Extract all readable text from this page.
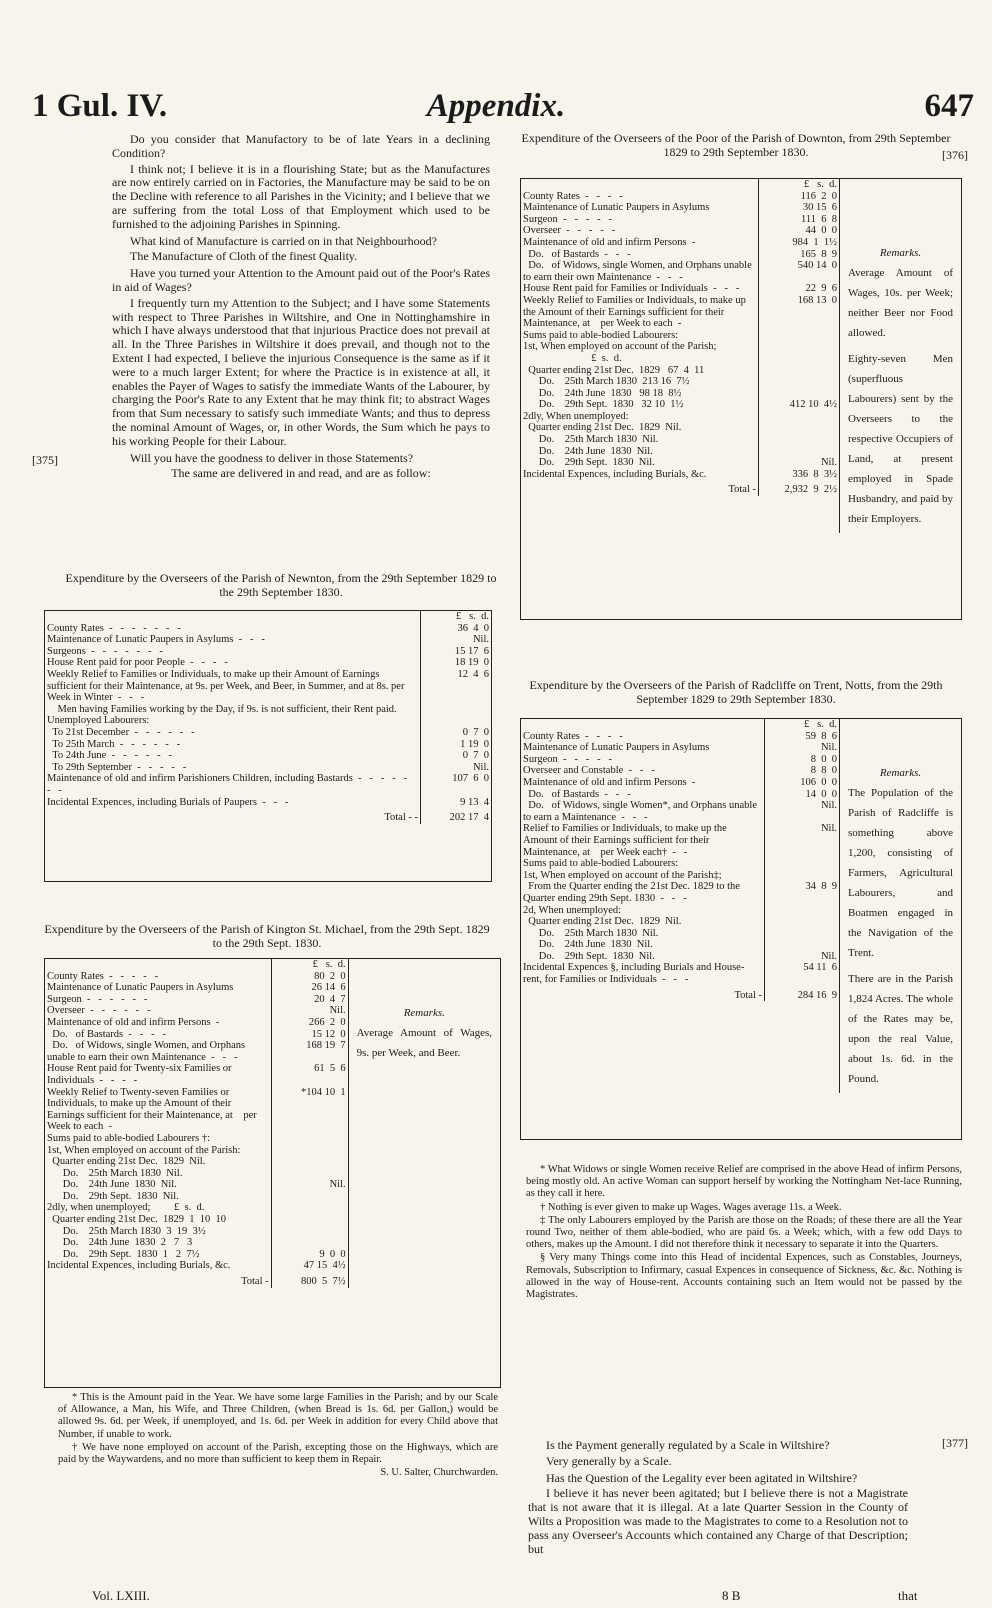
1 Gul. IV.	Appendix.	647

Do you consider that Manufactory to be of late Years in a declining Condition?

I think not; I believe it is in a flourishing State; but as the Manufactures are now entirely carried on in Factories, the Manufacture may be said to be on the Decline with reference to all Parishes in the Vicinity; and I believe that we are suffering from the total Loss of that Employment which used to be furnished to the adjoining Parishes in Spinning.

What kind of Manufacture is carried on in that Neighbourhood?

The Manufacture of Cloth of the finest Quality.

Have you turned your Attention to the Amount paid out of the Poor's Rates in aid of Wages?

I frequently turn my Attention to the Subject; and I have some Statements with respect to Three Parishes in Wiltshire, and One in Nottinghamshire in which I have always understood that that injurious Practice does not prevail at all. In the Three Parishes in Wiltshire it does prevail, and though not to the Extent I had expected, I believe the injurious Consequence is the same as if it were to a much larger Extent; for where the Practice is in existence at all, it enables the Payer of Wages to satisfy the immediate Wants of the Labourer, by charging the Poor's Rate to any Extent that he may think fit; to abstract Wages from that Sum necessary to satisfy such immediate Wants; and thus to depress the nominal Amount of Wages, or, in other Words, the Sum which he pays to his working People for their Labour.

Will you have the goodness to deliver in those Statements?

The same are delivered in and read, and are as follow:

[375]

Expenditure by the Overseers of the Parish of Newnton, from the 29th September 1829 to the 29th September 1830.

	£   s.  d.
County Rates  -   -   -   -   -   -   -	36  4  0
Maintenance of Lunatic Paupers in Asylums  -   -   -	Nil.
Surgeons  -   -   -   -   -   -   -	15 17  6
House Rent paid for poor People  -   -   -   -	18 19  0
Weekly Relief to Families or Individuals, to make up their Amount of Earnings sufficient for their Maintenance, at 9s. per Week, and Beer, in Summer, and at 8s. per Week in Winter  -   -   -	12  4  6
Men having Families working by the Day, if 9s. is not sufficient, their Rent paid.	
Unemployed Labourers:	
To 21st December  -   -   -   -   -   -	0  7  0
To 25th March  -   -   -   -   -   -	1 19  0
To 24th June  -   -   -   -   -   -	0  7  0
To 29th September  -   -   -   -   -	Nil.
Maintenance of old and infirm Parishioners Children, including Bastards  -   -   -   -   -   -   -	107  6  0
Incidental Expences, including Burials of Paupers  -   -   -	9 13  4
Total - -	202 17  4

Expenditure by the Overseers of the Parish of Kington St. Michael, from the 29th Sept. 1829 to the 29th Sept. 1830.

	£   s.  d.
County Rates  -   -   -   -   -	80  2  0
Maintenance of Lunatic Paupers in Asylums	26 14  6
Surgeon  -   -   -   -   -   -	20  4  7
Overseer  -   -   -   -   -   -	Nil.
Maintenance of old and infirm Persons  -	266  2  0
Do.   of Bastards  -   -   -   -	15 12  0
Do.   of Widows, single Women, and Orphans unable to earn their own Maintenance  -   -   -	168 19  7
House Rent paid for Twenty-six Families or Individuals  -   -   -   -	61  5  6
Weekly Relief to Twenty-seven Families or Individuals, to make up the Amount of their Earnings sufficient for their Maintenance, at    per Week to each  -	*104 10  1
Sums paid to able-bodied Labourers †:	
1st, When employed on account of the Parish:	
Quarter ending 21st Dec.  1829  Nil.	
Do.    25th March 1830  Nil.	
Do.    24th June  1830  Nil.	Nil.
Do.    29th Sept.  1830  Nil.	
2dly, when unemployed;         £  s.  d.	
Quarter ending 21st Dec.  1829  1  10  10	
Do.    25th March 1830  3  19  3½	
Do.    24th June  1830  2   7   3	
Do.    29th Sept.  1830  1   2  7½	9  0  0
Incidental Expences, including Burials, &c.	47 15  4½
Total -	800  5  7½

Remarks.
Average Amount of Wages, 9s. per Week, and Beer.

* This is the Amount paid in the Year. We have some large Families in the Parish; and by our Scale of Allowance, a Man, his Wife, and Three Children, (when Bread is 1s. 6d. per Gallon,) would be allowed 9s. 6d. per Week, if unemployed, and 1s. 6d. per Week in addition for every Child above that Number, if unable to work.

† We have none employed on account of the Parish, excepting those on the Highways, which are paid by the Waywardens, and no more than sufficient to keep them in Repair.

S. U. Salter, Churchwarden.
Vol. LXIII.

Expenditure of the Overseers of the Poor of the Parish of Downton, from 29th September 1829 to 29th September 1830.	[376]
	£   s.  d.
County Rates  -   -   -   -	116  2  0
Maintenance of Lunatic Paupers in Asylums	30 15  6
Surgeon  -   -   -   -   -	111  6  8
Overseer  -   -   -   -   -	44  0  0
Maintenance of old and infirm Persons  -	984  1  1½
Do.   of Bastards  -   -   -	165  8  9
Do.   of Widows, single Women, and Orphans unable to earn their own Maintenance  -   -   -	540 14  0
House Rent paid for Families or Individuals  -   -   -	22  9  6
Weekly Relief to Families or Individuals, to make up the Amount of their Earnings sufficient for their Maintenance, at    per Week to each  -	168 13  0
Sums paid to able-bodied Labourers:	
1st, When employed on account of the Parish;	
£  s.  d.	
Quarter ending 21st Dec.  1829   67  4  11	
Do.    25th March 1830  213 16  7½	
Do.    24th June  1830   98 18  8½	
Do.    29th Sept.  1830   32 10  1½	412 10  4½
2dly, When unemployed:	
Quarter ending 21st Dec.  1829  Nil.	
Do.    25th March 1830  Nil.	
Do.    24th June  1830  Nil.	
Do.    29th Sept.  1830  Nil.	Nil.
Incidental Expences, including Burials, &c.	336  8  3½
Total -	2,932  9  2½

Remarks.
Average Amount of Wages, 10s. per Week; neither Beer nor Food allowed.
Eighty-seven Men (superfluous Labourers) sent by the Overseers to the respective Occupiers of Land, at present employed in Spade Husbandry, and paid by their Employers.

Expenditure by the Overseers of the Parish of Radcliffe on Trent, Notts, from the 29th September 1829 to 29th September 1830.

	£   s.  d.
County Rates  -   -   -   -	59  8  6
Maintenance of Lunatic Paupers in Asylums	Nil.
Surgeon  -   -   -   -   -	8  0  0
Overseer and Constable  -   -   -	8  8  0
Maintenance of old and infirm Persons  -	106  0  0
Do.   of Bastards  -   -   -	14  0  0
Do.   of Widows, single Women*, and Orphans unable to earn a Maintenance  -   -   -	Nil.
Relief to Families or Individuals, to make up the Amount of their Earnings sufficient for their Maintenance, at    per Week each†  -   -	Nil.
Sums paid to able-bodied Labourers:	
1st, When employed on account of the Parish‡;	
From the Quarter ending the 21st Dec. 1829 to the Quarter ending 29th Sept. 1830  -   -   -	34  8  9
2d, When unemployed:	
Quarter ending 21st Dec.  1829  Nil.	
Do.    25th March 1830  Nil.	
Do.    24th June  1830  Nil.	
Do.    29th Sept.  1830  Nil.	Nil.
Incidental Expences §, including Burials and House-rent, for Families or Individuals  -   -   -	54 11  6
Total -	284 16  9

Remarks.
The Population of the Parish of Radcliffe is something above 1,200, consisting of Farmers, Agricultural Labourers, and Boatmen engaged in the Navigation of the Trent.
There are in the Parish 1,824 Acres. The whole of the Rates may be, upon the real Value, about 1s. 6d. in the Pound.

* What Widows or single Women receive Relief are comprised in the above Head of infirm Persons, being mostly old. An active Woman can support herself by working the Nottingham Net-lace Running, as they call it here.

† Nothing is ever given to make up Wages. Wages average 11s. a Week.

‡ The only Labourers employed by the Parish are those on the Roads; of these there are all the Year round Two, neither of them able-bodied, who are paid 6s. a Week; which, with a few odd Days to others, makes up the Amount. I did not therefore think it necessary to separate it into the Quarters.

§ Very many Things come into this Head of incidental Expences, such as Constables, Journeys, Removals, Subscription to Infirmary, casual Expences in consequence of Sickness, &c. &c. Nothing is allowed in the way of House-rent. Accounts containing such an Item would not be passed by the Magistrates.

Is the Payment generally regulated by a Scale in Wiltshire?

Very generally by a Scale.

Has the Question of the Legality ever been agitated in Wiltshire?

I believe it has never been agitated; but I believe there is not a Magistrate that is not aware that it is illegal. At a late Quarter Session in the County of Wilts a Proposition was made to the Magistrates to come to a Resolution not to pass any Overseer's Accounts which contained any Charge of that Description; but

[377]
8 B	that
